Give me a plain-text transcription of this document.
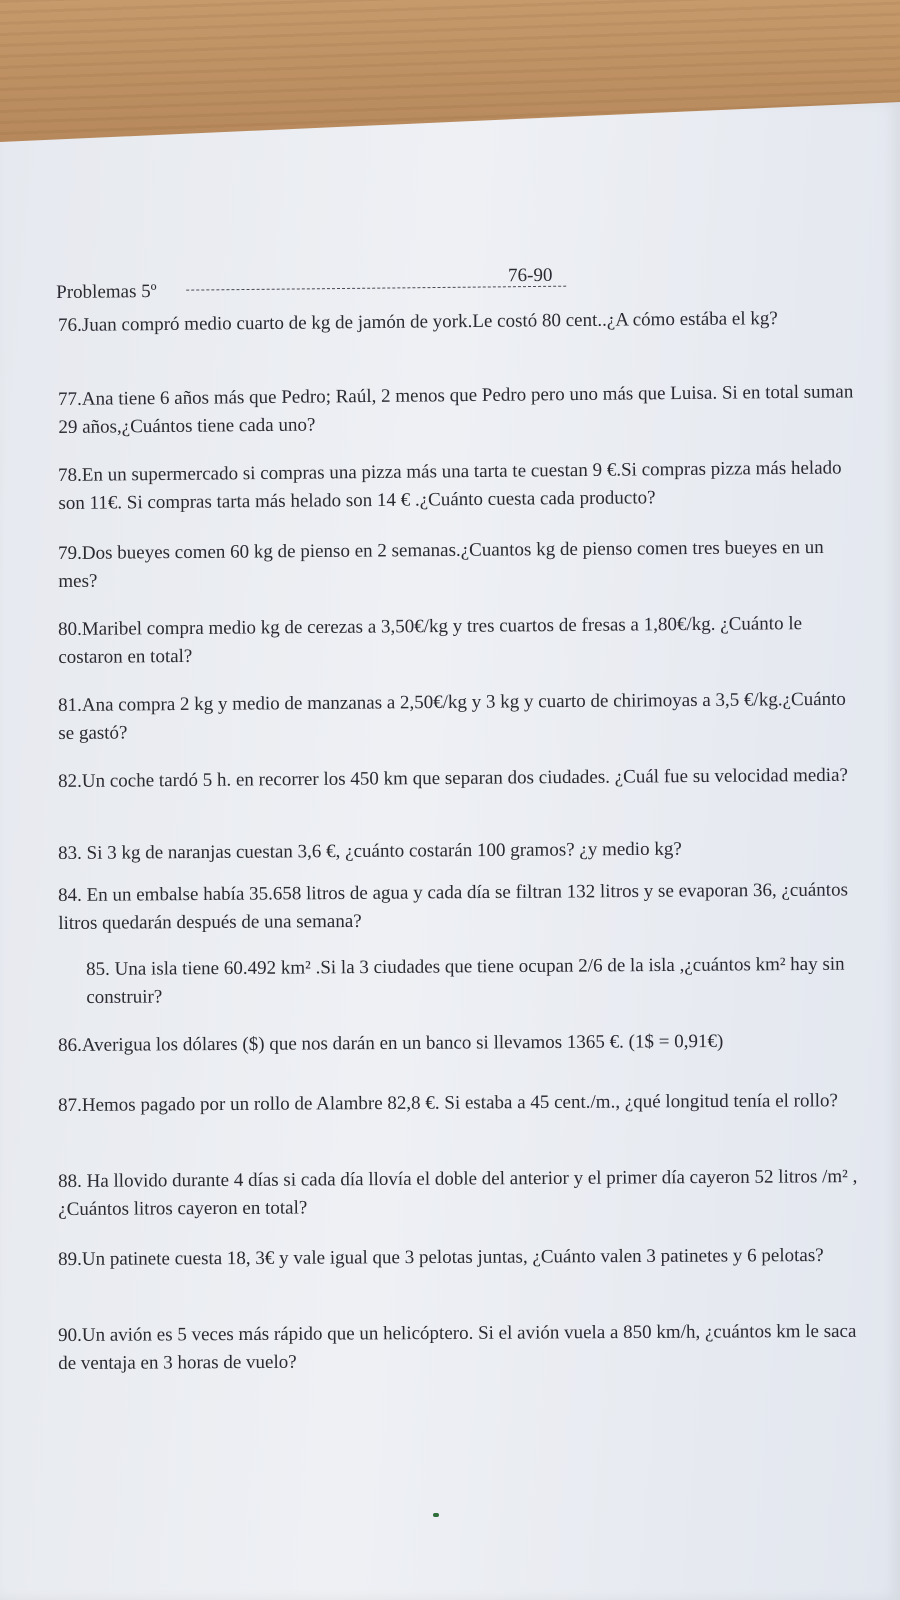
Problemas 5º
76-90

76.Juan compró medio cuarto de kg de jamón de york.Le costó 80 cent..¿A cómo estába el kg?

77.Ana tiene 6 años más que Pedro; Raúl, 2 menos que Pedro pero uno más que Luisa. Si en total suman 29 años,¿Cuántos tiene cada uno?

78.En un supermercado si compras una pizza más una tarta te cuestan 9 €.Si compras pizza más helado son 11€. Si compras tarta más helado son 14 € .¿Cuánto cuesta cada producto?

79.Dos bueyes comen 60 kg de pienso en 2 semanas.¿Cuantos kg de pienso comen tres bueyes en un mes?

80.Maribel compra medio kg de cerezas a 3,50€/kg y tres cuartos de fresas a 1,80€/kg. ¿Cuánto le costaron en total?

81.Ana compra 2 kg y medio de manzanas a 2,50€/kg y 3 kg y cuarto de chirimoyas a 3,5 €/kg.¿Cuánto se gastó?

82.Un coche tardó 5 h. en recorrer los 450 km que separan dos ciudades. ¿Cuál fue su velocidad media?

83. Si 3 kg de naranjas cuestan 3,6 €, ¿cuánto costarán 100 gramos? ¿y medio kg?

84. En un embalse había 35.658 litros de agua y cada día se filtran 132 litros y se evaporan 36, ¿cuántos litros quedarán después de una semana?

85. Una isla tiene 60.492 km² .Si la 3 ciudades que tiene ocupan 2/6 de la isla ,¿cuántos km² hay sin construir?

86.Averigua los dólares ($) que nos darán en un banco si llevamos 1365 €. (1$ = 0,91€)

87.Hemos pagado por un rollo de Alambre 82,8 €. Si estaba a 45 cent./m., ¿qué longitud tenía el rollo?

88. Ha llovido durante 4 días si cada día llovía el doble del anterior y el primer día cayeron 52 litros /m² , ¿Cuántos litros cayeron en total?

89.Un patinete cuesta 18, 3€ y vale igual que 3 pelotas juntas, ¿Cuánto valen 3 patinetes y 6 pelotas?

90.Un avión es 5 veces más rápido que un helicóptero. Si el avión vuela a 850 km/h, ¿cuántos km le saca de ventaja en 3 horas de vuelo?
